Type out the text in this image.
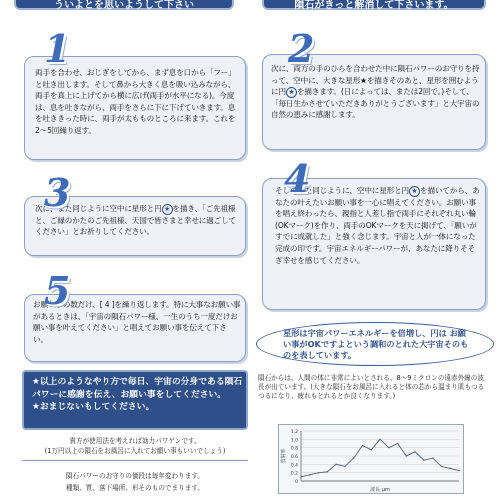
ういよとを思いようして下さい	隕石がきっと解消して下さいます。
両手を合わせ、おじぎをしてから、まず息を口から「フー」と吐き出します。そして鼻から大きく息を吸い込みながら、両手を真上に上げてから横に広げ(両手が水平になる)。今度は、息を吐きながら、両手をさらに下に下げていきます。息を吐ききった時に、両手が太もものところに来ます。これを2～5回繰り返す。
1	次に、両方の手のひらを合わせた中に隕石パワーのお守りを持って、空中に、大きな星形★を描きそのあと、星形を囲むように円 ★ を描きます。(日によっては、または2回で。)そして、「毎日生かさせていただきありがとうございます」と大宇宙の自然の恵みに感謝します。
2
次に、また同じように空中に星形と円 ★ を描き、「ご先祖様と、ご縁のかたのご先祖様、天国で皆さまと幸せに過ごしてください」とお祈りしてください。
3	そしてまた同じように、空中に星形と円 ★ を描いてから、あなたの叶えたいお願い事を一心に唱えてください。お願い事を唱え終わったら、親指と人差し指で両手にそれぞれ丸い輪(OKマーク)を作り、両手のOKマークを天に掲げて、「願いがすでに成就した」と強く念じます。宇宙と人が一体になった完成の印です。宇宙エネルギーパワーが、あなたに降りそそぎ幸せを感じてください。
4
お願い事の数だけ、[ 4 ]を繰り返します。特に大事なお願い事があるときは、「宇宙の隕石パワー様、一生のうち一度だけお願い事を叶えてください」と唱えてお願い事を伝えて下さい。
5
星形は宇宙パワーエネルギーを倍増し、円は お願い事がOKですよという調和のとれた大宇宙そのものを表しています。
★以上のようなやり方で毎日、宇宙の分身である隕石パワーに感謝を伝え、お願い事をしてください。
★おまじないもしてください。
貴方が使用法を考えれば効力パワゲンです。
(1万円以上の隕石をお風呂に入れてお願い事もいいでしょう)
隕石パワーのお守りの価段は毎年変わります。
種類、質、落下場所、形そのものでまります。
隕石からは、人間の体に非常によいとされる、8～9ミクロンの遠赤外線の波長が出ています。(大きな隕石をお風呂に入れると体の芯から温まり肌もつるつるになり、疲れもとれるとか良くなります。)
1.2
1.0
0.8
0.6
0.4
0.2
0
波長 μm
放射率
